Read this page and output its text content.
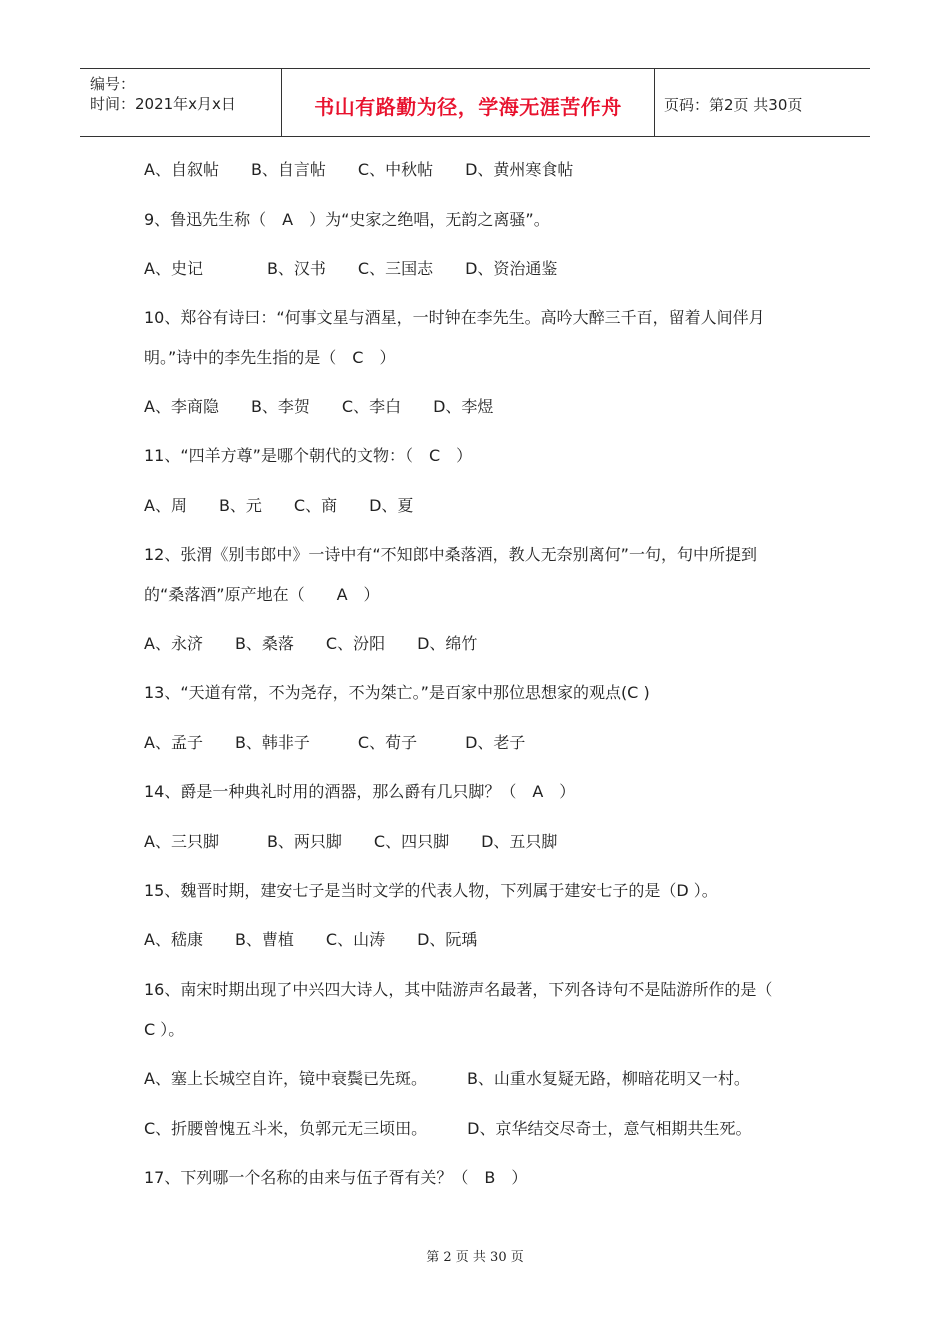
编号：
时间：2021年x月x日	书山有路勤为径，学海无涯苦作舟	页码：第2页 共30页
A、自叙帖　　B、自言帖　　C、中秋帖　　D、黄州寒食帖
9、鲁迅先生称（　A　）为“史家之绝唱，无韵之离骚”。
A、史记　　　　B、汉书　　C、三国志　　D、资治通鉴
10、郑谷有诗曰：“何事文星与酒星，一时钟在李先生。高吟大醉三千百，留着人间伴月
明。”诗中的李先生指的是（　C　）
A、李商隐　　B、李贺　　C、李白　　D、李煜
11、“四羊方尊”是哪个朝代的文物：（　C　）
A、周　　B、元　　C、商　　D、夏
12、张渭《别韦郎中》一诗中有“不知郎中桑落酒，教人无奈别离何”一句，句中所提到
的“桑落酒”原产地在（　　A　）
A、永济　　B、桑落　　C、汾阳　　D、绵竹
13、“天道有常，不为尧存，不为桀亡。”是百家中那位思想家的观点(C )
A、孟子　　B、韩非子　　　C、荀子　　　D、老子
14、爵是一种典礼时用的酒器，那么爵有几只脚？（　A　）
A、三只脚　　　B、两只脚　　C、四只脚　　D、五只脚
15、魏晋时期，建安七子是当时文学的代表人物，下列属于建安七子的是（D ）。
A、嵇康　　B、曹植　　C、山涛　　D、阮瑀
16、南宋时期出现了中兴四大诗人，其中陆游声名最著，下列各诗句不是陆游所作的是（
C ）。
A、塞上长城空自许，镜中衰鬓已先斑。　　　B、山重水复疑无路，柳暗花明又一村。
C、折腰曾愧五斗米，负郭元无三顷田。　　　D、京华结交尽奇士，意气相期共生死。
17、下列哪一个名称的由来与伍子胥有关？（　B　）
第 2 页 共 30 页
